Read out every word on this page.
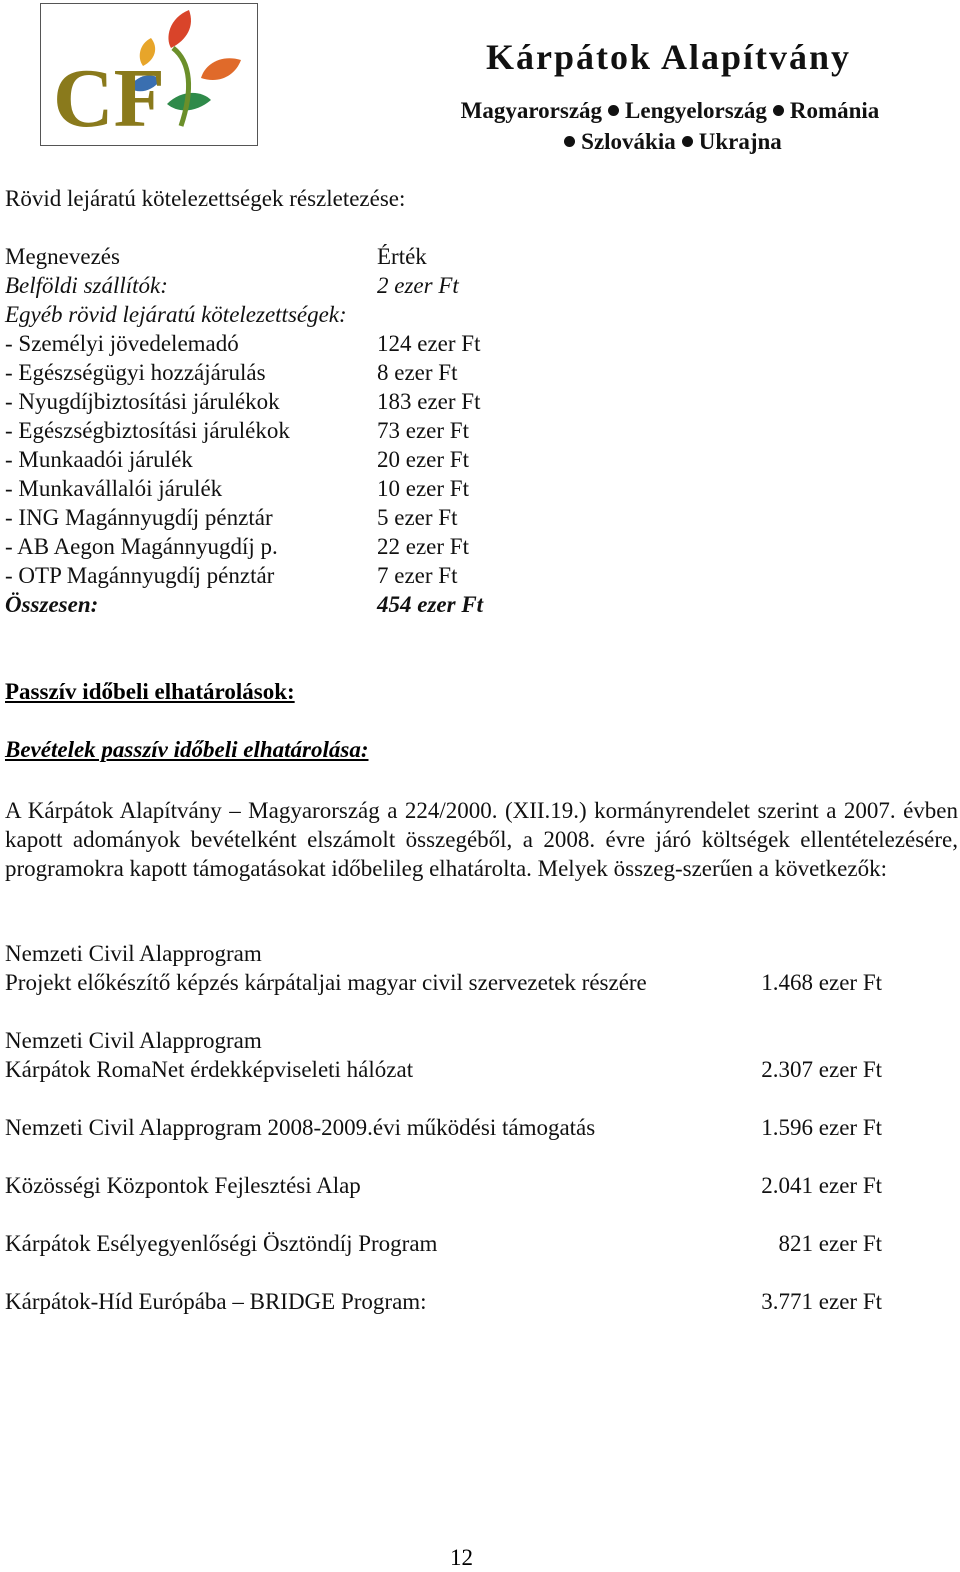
CF	Kárpátok Alapítvány
Magyarország Lengyelország Románia
Szlovákia Ukrajna
Rövid lejáratú kötelezettségek részletezése:
Megnevezés	Érték
Belföldi szállítók:	2 ezer Ft
Egyéb rövid lejáratú kötelezettségek:
- Személyi jövedelemadó	124 ezer Ft
- Egészségügyi hozzájárulás	8 ezer Ft
- Nyugdíjbiztosítási járulékok	183 ezer Ft
- Egészségbiztosítási járulékok	73 ezer Ft
- Munkaadói járulék	20 ezer Ft
- Munkavállalói járulék	10 ezer Ft
- ING Magánnyugdíj pénztár	5 ezer Ft
- AB Aegon Magánnyugdíj p.	22 ezer Ft
- OTP Magánnyugdíj pénztár	7 ezer Ft
Összesen:	454 ezer Ft
Passzív időbeli elhatárolások:
Bevételek passzív időbeli elhatárolása:
A Kárpátok Alapítvány – Magyarország a 224/2000. (XII.19.) kormányrendelet szerint a 2007. évben kapott adományok bevételként elszámolt összegéből, a 2008. évre járó költségek ellentételezésére, programokra kapott támogatásokat időbelileg elhatárolta. Melyek összeg-szerűen a következők:
Nemzeti Civil Alapprogram
Projekt előkészítő képzés kárpátaljai magyar civil szervezetek részére	1.468 ezer Ft
Nemzeti Civil Alapprogram
Kárpátok RomaNet érdekképviseleti hálózat	2.307 ezer Ft
Nemzeti Civil Alapprogram 2008-2009.évi működési támogatás	1.596 ezer Ft
Közösségi Központok Fejlesztési Alap	2.041 ezer Ft
Kárpátok Esélyegyenlőségi Ösztöndíj Program	821 ezer Ft
Kárpátok-Híd Európába – BRIDGE Program:	3.771 ezer Ft
12
